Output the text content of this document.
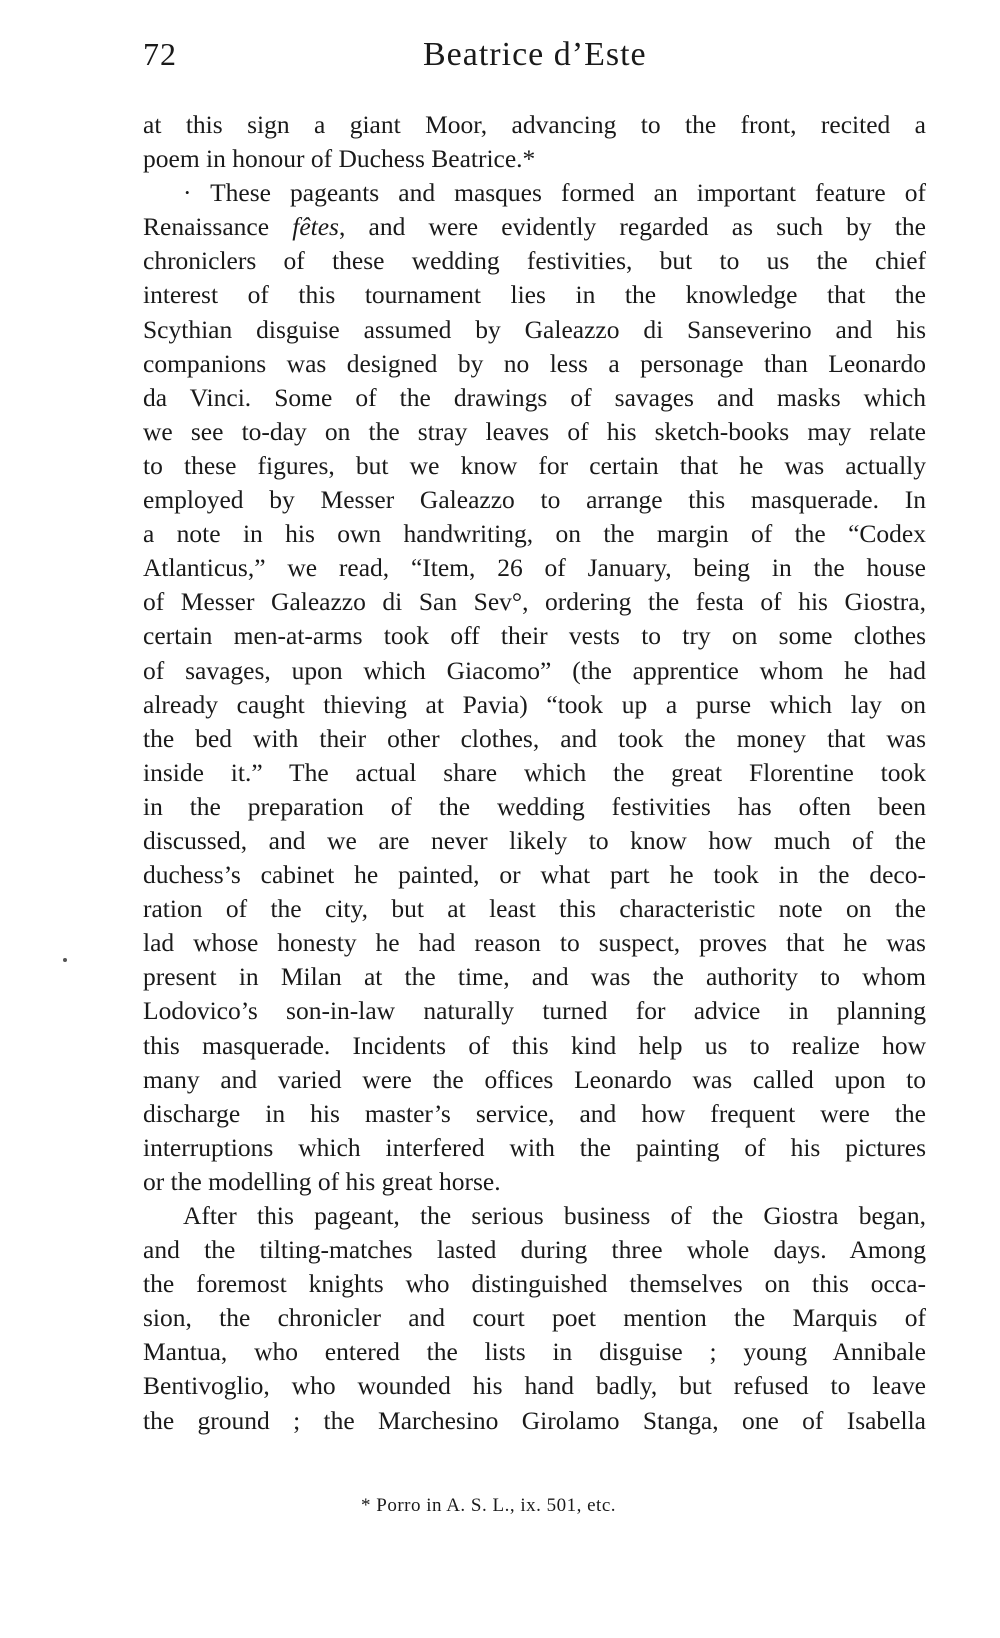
72	Beatrice d’Este
at this sign a giant Moor, advancing to the front, recited a
poem in honour of Duchess Beatrice.*
· These pageants and masques formed an important feature of
Renaissance fêtes, and were evidently regarded as such by the
chroniclers of these wedding festivities, but to us the chief
interest of this tournament lies in the knowledge that the
Scythian disguise assumed by Galeazzo di Sanseverino and his
companions was designed by no less a personage than Leonardo
da Vinci. Some of the drawings of savages and masks which
we see to-day on the stray leaves of his sketch-books may relate
to these figures, but we know for certain that he was actually
employed by Messer Galeazzo to arrange this masquerade. In
a note in his own handwriting, on the margin of the “Codex
Atlanticus,” we read, “Item, 26 of January, being in the house
of Messer Galeazzo di San Sev°, ordering the festa of his Giostra,
certain men-at-arms took off their vests to try on some clothes
of savages, upon which Giacomo” (the apprentice whom he had
already caught thieving at Pavia) “took up a purse which lay on
the bed with their other clothes, and took the money that was
inside it.” The actual share which the great Florentine took
in the preparation of the wedding festivities has often been
discussed, and we are never likely to know how much of the
duchess’s cabinet he painted, or what part he took in the deco-
ration of the city, but at least this characteristic note on the
lad whose honesty he had reason to suspect, proves that he was
present in Milan at the time, and was the authority to whom
Lodovico’s son-in-law naturally turned for advice in planning
this masquerade. Incidents of this kind help us to realize how
many and varied were the offices Leonardo was called upon to
discharge in his master’s service, and how frequent were the
interruptions which interfered with the painting of his pictures
or the modelling of his great horse.
After this pageant, the serious business of the Giostra began,
and the tilting-matches lasted during three whole days. Among
the foremost knights who distinguished themselves on this occa-
sion, the chronicler and court poet mention the Marquis of
Mantua, who entered the lists in disguise ; young Annibale
Bentivoglio, who wounded his hand badly, but refused to leave
the ground ; the Marchesino Girolamo Stanga, one of Isabella
* Porro in A. S. L., ix. 501, etc.
